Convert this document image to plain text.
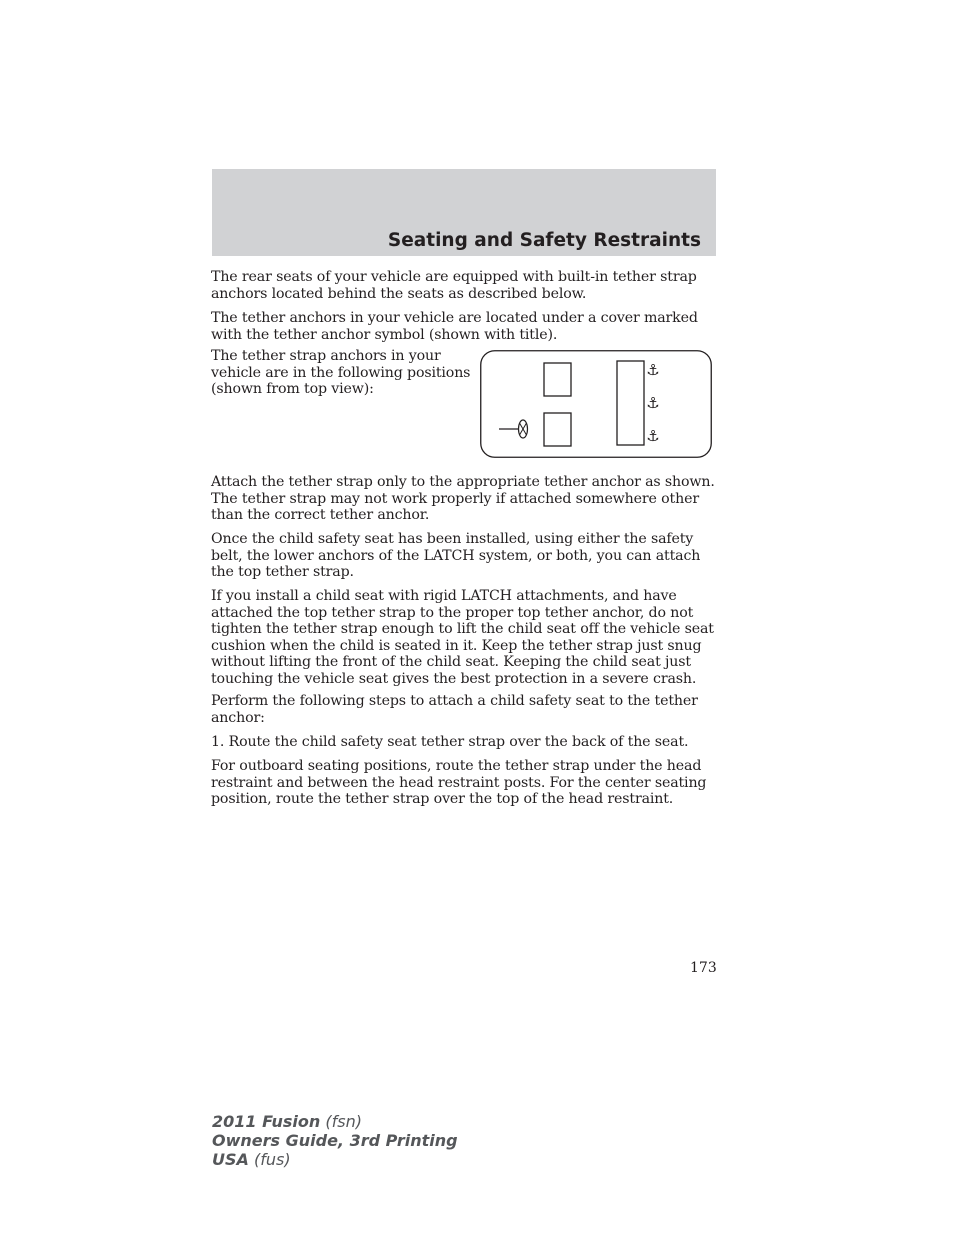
Seating and Safety Restraints

The rear seats of your vehicle are equipped with built-in tether strap anchors located behind the seats as described below.

The tether anchors in your vehicle are located under a cover marked with the tether anchor symbol (shown with title).

The tether strap anchors in your vehicle are in the following positions (shown from top view):

⚓
⚓
⚓

Attach the tether strap only to the appropriate tether anchor as shown. The tether strap may not work properly if attached somewhere other than the correct tether anchor.

Once the child safety seat has been installed, using either the safety belt, the lower anchors of the LATCH system, or both, you can attach the top tether strap.

If you install a child seat with rigid LATCH attachments, and have attached the top tether strap to the proper top tether anchor, do not tighten the tether strap enough to lift the child seat off the vehicle seat cushion when the child is seated in it. Keep the tether strap just snug without lifting the front of the child seat. Keeping the child seat just touching the vehicle seat gives the best protection in a severe crash.

Perform the following steps to attach a child safety seat to the tether anchor:

1. Route the child safety seat tether strap over the back of the seat.

For outboard seating positions, route the tether strap under the head restraint and between the head restraint posts. For the center seating position, route the tether strap over the top of the head restraint.

173
2011 Fusion (fsn)
Owners Guide, 3rd Printing
USA (fus)
